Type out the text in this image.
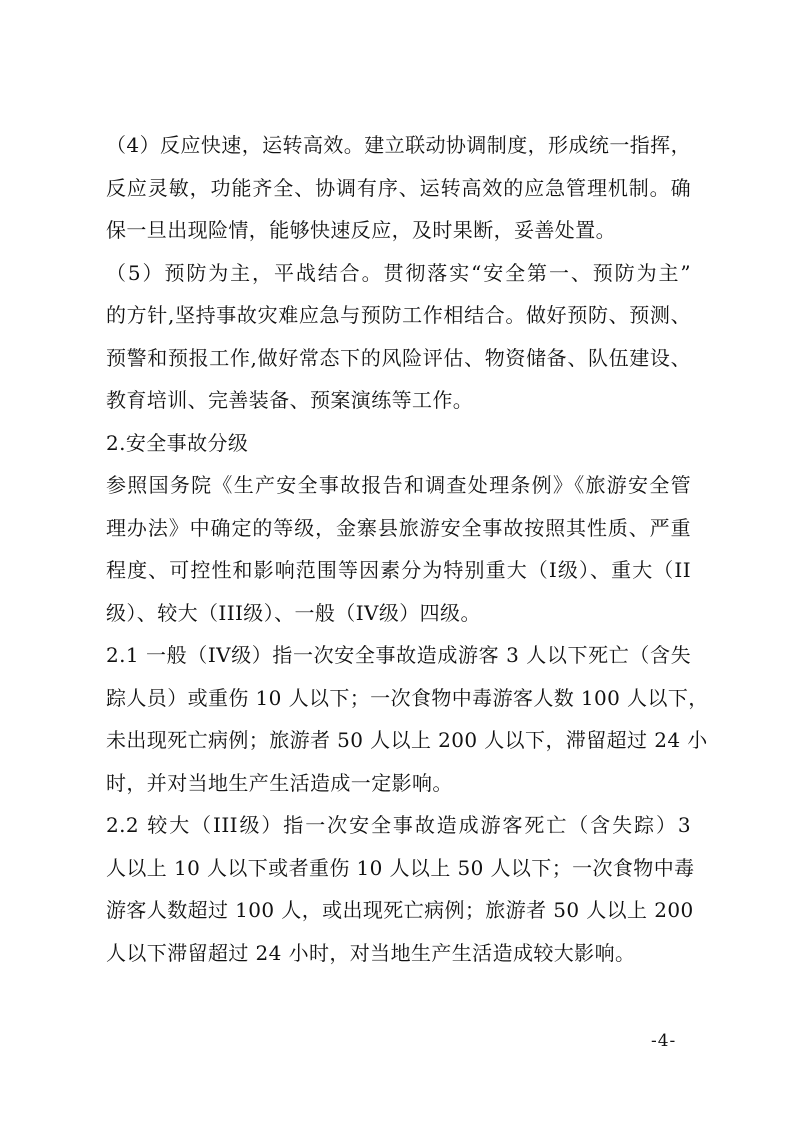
（4）反应快速，运转高效。建立联动协调制度，形成统一指挥，
反应灵敏，功能齐全、协调有序、运转高效的应急管理机制。确
保一旦出现险情，能够快速反应，及时果断，妥善处置。
（5）预防为主，平战结合。贯彻落实“安全第一、预防为主”
的方针,坚持事故灾难应急与预防工作相结合。做好预防、预测、
预警和预报工作,做好常态下的风险评估、物资储备、队伍建设、
教育培训、完善装备、预案演练等工作。
2.安全事故分级
参照国务院《生产安全事故报告和调查处理条例》《旅游安全管
理办法》中确定的等级，金寨县旅游安全事故按照其性质、严重
程度、可控性和影响范围等因素分为特别重大（I级）、重大（II
级）、较大（III级）、一般（IV级）四级。
2.1 一般（IV级）指一次安全事故造成游客 3 人以下死亡（含失
踪人员）或重伤 10 人以下；一次食物中毒游客人数 100 人以下，
未出现死亡病例；旅游者 50 人以上 200 人以下，滞留超过 24 小
时，并对当地生产生活造成一定影响。
2.2 较大（III级）指一次安全事故造成游客死亡（含失踪）3
人以上 10 人以下或者重伤 10 人以上 50 人以下；一次食物中毒
游客人数超过 100 人，或出现死亡病例；旅游者 50 人以上 200
人以下滞留超过 24 小时，对当地生产生活造成较大影响。
-4-
